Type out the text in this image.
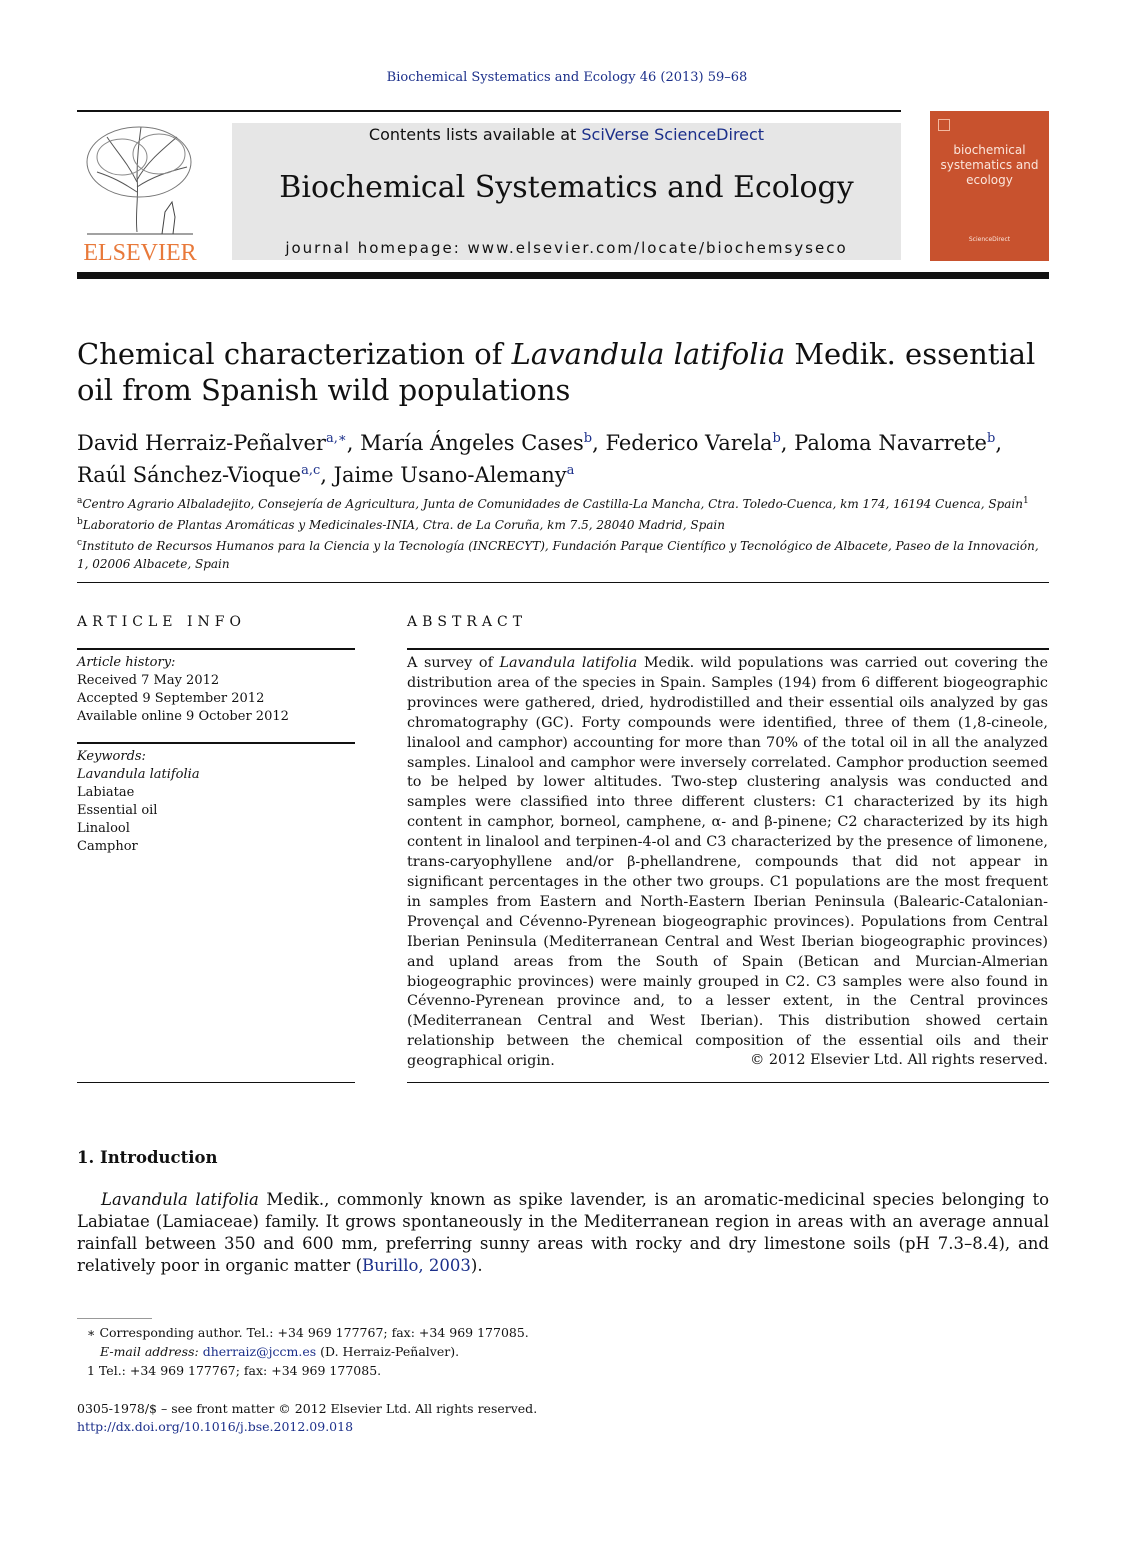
Biochemical Systematics and Ecology 46 (2013) 59–68
ELSEVIER
Contents lists available at SciVerse ScienceDirect
Biochemical Systematics and Ecology
journal homepage: www.elsevier.com/locate/biochemsyseco
biochemical systematics and ecology
ScienceDirect
Chemical characterization of Lavandula latifolia Medik. essential oil from Spanish wild populations
David Herraiz-Peñalver$^{a,∗}$, María Ángeles Cases$^b$, Federico Varela$^b$, Paloma Navarrete$^b$,
Raúl Sánchez-Vioque$^{a,c}$, Jaime Usano-Alemany$^a$
$^a$Centro Agrario Albaladejito, Consejería de Agricultura, Junta de Comunidades de Castilla-La Mancha, Ctra. Toledo-Cuenca, km 174, 16194 Cuenca, Spain$^1$
$^b$Laboratorio de Plantas Aromáticas y Medicinales-INIA, Ctra. de La Coruña, km 7.5, 28040 Madrid, Spain
$^c$Instituto de Recursos Humanos para la Ciencia y la Tecnología (INCRECYT), Fundación Parque Científico y Tecnológico de Albacete, Paseo de la Innovación, 1, 02006 Albacete, Spain
ARTICLE INFO	ABSTRACT
Article history:
Received 7 May 2012
Accepted 9 September 2012
Available online 9 October 2012
Keywords:
Lavandula latifolia
Labiatae
Essential oil
Linalool
Camphor
A survey of Lavandula latifolia Medik. wild populations was carried out covering the distribution area of the species in Spain. Samples (194) from 6 different biogeographic provinces were gathered, dried, hydrodistilled and their essential oils analyzed by gas chromatography (GC). Forty compounds were identified, three of them (1,8-cineole, linalool and camphor) accounting for more than 70% of the total oil in all the analyzed samples. Linalool and camphor were inversely correlated. Camphor production seemed to be helped by lower altitudes. Two-step clustering analysis was conducted and samples were classified into three different clusters: C1 characterized by its high content in camphor, borneol, camphene, α- and β-pinene; C2 characterized by its high content in linalool and terpinen-4-ol and C3 characterized by the presence of limonene, trans-caryophyllene and/or β-phellandrene, compounds that did not appear in significant percentages in the other two groups. C1 populations are the most frequent in samples from Eastern and North-Eastern Iberian Peninsula (Balearic-Catalonian-Provençal and Cévenno-Pyrenean biogeographic provinces). Populations from Central Iberian Peninsula (Mediterranean Central and West Iberian biogeographic provinces) and upland areas from the South of Spain (Betican and Murcian-Almerian biogeographic provinces) were mainly grouped in C2. C3 samples were also found in Cévenno-Pyrenean province and, to a lesser extent, in the Central provinces (Mediterranean Central and West Iberian). This distribution showed certain relationship between the chemical composition of the essential oils and their geographical origin.	© 2012 Elsevier Ltd. All rights reserved.
1. Introduction
Lavandula latifolia Medik., commonly known as spike lavender, is an aromatic-medicinal species belonging to Labiatae (Lamiaceae) family. It grows spontaneously in the Mediterranean region in areas with an average annual rainfall between 350 and 600 mm, preferring sunny areas with rocky and dry limestone soils (pH 7.3–8.4), and relatively poor in organic matter (Burillo, 2003).
∗ Corresponding author. Tel.: +34 969 177767; fax: +34 969 177085.
E-mail address: dherraiz@jccm.es (D. Herraiz-Peñalver).
1 Tel.: +34 969 177767; fax: +34 969 177085.
0305-1978/$ – see front matter © 2012 Elsevier Ltd. All rights reserved.
http://dx.doi.org/10.1016/j.bse.2012.09.018
